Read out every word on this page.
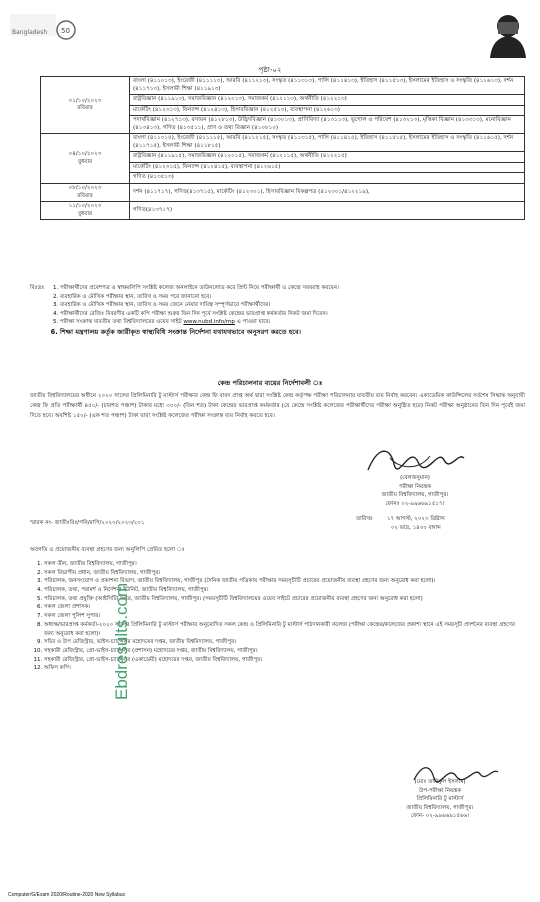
Bangladesh 50
পৃষ্ঠা-০২
০১/১০/২০২৩
রবিবার	বাংলা (৪১১০১৩), ইংরেজী (৪১১১১৩), আরবি (৪১১২১৩), সংস্কৃত (৪১১৩১৩), পালি (৪১১৪১৩), ইতিহাস (৪১১৫১৩), ইসলামের ইতিহাস ও সংস্কৃতি (৪১১৬১৩), দর্শন (৪১১৭১৩), ইসলামী শিক্ষা (৪১১৯১৩)
	রাষ্ট্রবিজ্ঞান (৪১১৯১৩), সমাজবিজ্ঞান (৪১২০১৩), সমাজকর্ম (৪১২১১৩), অর্থনীতি (৪১২২১৩)
	মার্কেটিং (৪১২৩১৩), ফিন্যান্স (৪১২৪১৩), হিসাববিজ্ঞান (৪১২৫১৩), ব্যবস্থাপনা (৪১২৬১৩)
	পদার্থবিজ্ঞান (৪১২৭১৩), রসায়ন (৪১২৮১৩), উদ্ভিদবিজ্ঞান (৪১৩০১৩), প্রাণিবিদ্যা (৪১৩১১৩), ভূগোল ও পরিবেশ (৪১৩২১৩), মৃত্তিকা বিজ্ঞান (৪১৩৩১৩), মনোবিজ্ঞান (৪১৩৪১৩), গণিত (৪১৩৫১১), প্রাণ ও তথ্য বিজ্ঞান (৪১০৮১০)

০৪/১০/২০২৩
বুধবার	বাংলা (৪১১০১৫), ইংরেজী (৪১১১১৫), আরবি (৪১১২১৫), সংস্কৃত (৪১১৩১৫), পালি (৪১১৪১৫), ইতিহাস (৪১১৫১৫), ইসলামের ইতিহাস ও সংস্কৃতি (৪১১৬১৫), দর্শন (৪১১৭১৫), ইসলামী শিক্ষা (৪১১৮১৫)
	রাষ্ট্রবিজ্ঞান (৪১১৯১৫), সমাজবিজ্ঞান (৪১২০১৫), সমাজকর্ম (৪১২১১৫), অর্থনীতি (৪১২২১৫)
	মার্কেটিং (৪১২৩১৫), ফিন্যান্স (৪১২৪১৫), ব্যবস্থাপনা (৪১২৬১৫)
	গণিত (৪১৩৫১৩)

০৮/১০/২০২৩
রবিবার	দর্শন (৪১১৭১৭), গণিত(৪১৩৭১৫), মার্কেটিং (৪১২৩০১), হিসাববিজ্ঞান বিকল্পপত্র (৪১২৩০১/৪১২২১৯),

১১/১০/২০২৩
বুধবার	গণিত(৪১৩৭১৭)
বিঃদ্রঃ	1. পরীক্ষার্থীদের প্রবেশপত্র ও স্বাক্ষরলিপি সংশ্লিষ্ট কলেজ অনলাইনে ডাউনলোড করে প্রিন্ট নিয়ে পরীক্ষার্থী ও কেন্দ্রে সরবরাহ করবেন।
2. ব্যবহারিক ও মৌখিক পরীক্ষার স্থান, তারিখ ও সময় পরে জানানো হবে।
3. ব্যবহারিক ও মৌখিক পরীক্ষার স্থান, তারিখ ও সময় জেনে নেয়ার দায়িত্ব সম্পূর্ণভাবে পরীক্ষার্থীদের।
4. পরীক্ষার্থীদের রেজিঃ বিবরণীর একটি কপি পরীক্ষা শুরুর তিন দিন পূর্বে সংশ্লিষ্ট কেন্দ্রের ভারপ্রাপ্ত কর্মকর্তার নিকট জমা দিবেন।
5. পরীক্ষা সংক্রান্ত যাবতীয় তথ্য বিশ্ববিদ্যালয়ের ওয়েব সাইট www.nubd.info/mp এ পাওয়া যাবে।
6. শিক্ষা মন্ত্রণালয় কর্তৃক জারীকৃত স্বাস্থ্যবিধি সংক্রান্ত নির্দেশনা যথাযথভাবে অনুসরণ করতে হবে।
কেন্দ্র পরিচালনার ব্যয়ের নির্দেশাবলী ঃ
জাতীয় বিশ্ববিদ্যালয়ের অধীনে ২০২০ সালের প্রিলিমিনারি টু মাস্টার্স পরীক্ষার কেন্দ্র ফি বাবদ প্রাপ্ত অর্থ দ্বারা সংশ্লিষ্ট কেন্দ্র কর্তৃপক্ষ পরীক্ষা পরিচালনার যাবতীয় ব্যয় নির্বাহ করবেন। একাডেমিক কাউন্সিলের সর্বশেষ সিদ্ধান্ত অনুযায়ী কেন্দ্র ফি প্রতি পরীক্ষার্থী ৪৫০/- (চারশত পঞ্চাশ) টাকার মধ্যে ৩০০/- (তিন শত) টাকা কেন্দ্রের ভারপ্রাপ্ত কর্মকর্তার (যে কেন্দ্রে সংশ্লিষ্ট কলেজের পরীক্ষার্থীদের পরীক্ষা অনুষ্ঠিত হবে) নিকট পরীক্ষা অনুষ্ঠানের তিন দিন পূর্বেই জমা দিতে হবে। অবশিষ্ট ১৫০/- (এক শত পঞ্চাশ) টাকা দ্বারা সংশ্লিষ্ট কলেজের পরীক্ষা সংক্রান্ত ব্যয় নির্বাহ করতে হবে।
(বেলজনুমান)
পরীক্ষা নিয়ন্ত্রক
জাতীয় বিশ্ববিদ্যালয়, গাজীপুর।
ফোনঃ ০২-৯৯৬৬৯১৫১৭।
স্মারক নং- জাতীঃবিঃ/পনি/মাপি/২০২০/২০২৩/২০১
তারিখঃ	১৭ আগস্ট, ২০২৩ খ্রিষ্টাব্দ
০২ ভাদ্র, ১৪৩০ বঙ্গাব্দ
অবগতি ও প্রয়োজনীয় ব্যবস্থা গ্রহণের জন্য অনুলিপি প্রেরিত হলো ঃ
1. সকল ডীন, জাতীয় বিশ্ববিদ্যালয়, গাজীপুর।
2. সকল বিভাগীয় প্রধান, জাতীয় বিশ্ববিদ্যালয়, গাজীপুর।
3. পরিচালক, জনসংযোগ ও প্রকাশনা বিভাগ, জাতীয় বিশ্ববিদ্যালয়, গাজীপুর (দৈনিক জাতীয় পত্রিকায় পরীক্ষার সময়সূচীটি প্রচারের প্রয়োজনীয় ব্যবস্থা গ্রহণের জন্য অনুরোধ করা হলো)।
4. পরিচালক, তথ্য, পরামর্শ ও নির্দেশনা ইউনিট, জাতীয় বিশ্ববিদ্যালয়, গাজীপুর।
5. পরিচালক, তথ্য প্রযুক্তি (আইসিটি) দপ্তর, জাতীয় বিশ্ববিদ্যালয়, গাজীপুর। (সময়সূচীটি বিশ্ববিদ্যালয়ের ওয়েব সাইটে প্রচারের প্রয়োজনীয় ব্যবস্থা গ্রহণের জন্য অনুরোধ করা হলো)
6. সকল জেলা প্রশাসক।
7. সকল জেলা পুলিশ সুপার।
8. অধ্যক্ষ/ভারপ্রাপ্ত কর্মকর্তা-২০২০ সালের প্রিলিমিনারি টু মাস্টার্স পরীক্ষার অনুমোদিত সকল কেন্দ্র ও প্রিলিমিনারি টু মাস্টার্স পাঠদানকারী কলেজ (পরীক্ষা কেন্দ্রের/কলেজের প্রকাশ্য স্থানে এই সময়সূচী প্রদর্শনের ব্যবস্থা গ্রহণের জন্য অনুরোধ করা হলো)।
9. সচিব ও উপ রেজিস্ট্রার, ভাইস-চ্যান্সেলর মহোদয়ের দপ্তর, জাতীয় বিশ্ববিদ্যালয়, গাজীপুর।
10. সহকারী রেজিস্ট্রার, প্রো-ভাইস-চ্যান্সেলর (প্রশাসন) মহোদয়ের দপ্তর, জাতীয় বিশ্ববিদ্যালয়, গাজীপুর।
11. সহকারী রেজিস্ট্রার, প্রো-ভাইস-চ্যান্সেলর (একাডেমী) মহোদয়ের দপ্তর, জাতীয় বিশ্ববিদ্যালয়, গাজীপুর।
12. অফিস কপি।
(মোঃ তারিকুল ইসলাম)
উপ-পরীক্ষা নিয়ন্ত্রক
প্রিলিমিনারি টু মাস্টার্স
জাতীয় বিশ্ববিদ্যালয়, গাজীপুর।
ফোন- ০২-৯৯৬৬৯১৫৬৬।
Ebdresults.com
Computer/G/Exam 2020/Routine-2020 New Syllabus
